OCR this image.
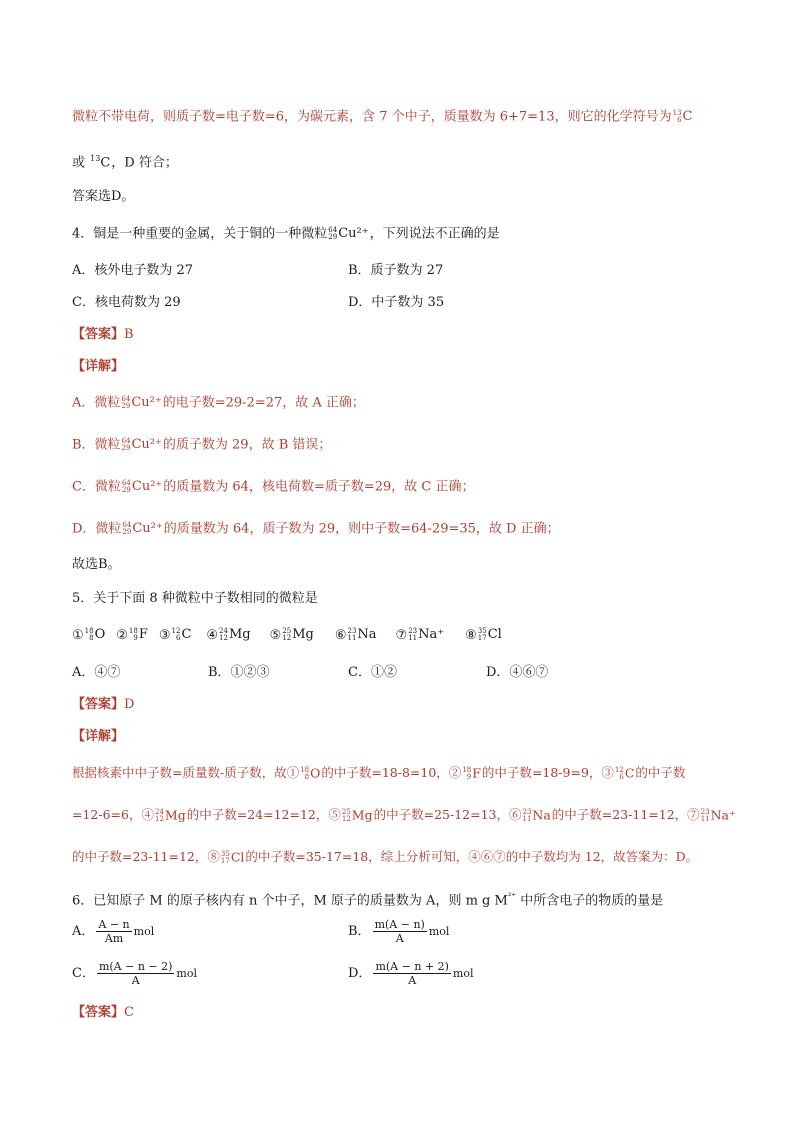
微粒不带电荷，则质子数=电子数=6，为碳元素，含 7 个中子，质量数为 6+7=13，则它的化学符号为 13
6 C
或 $^{13}$C，D 符合；
答案选D。
4．铜是一种重要的金属，关于铜的一种微粒 64
29 Cu²⁺，下列说法不正确的是
A．核外电子数为 27	B．质子数为 27
C．核电荷数为 29	D．中子数为 35
【答案】B
【详解】
A．微粒 64
29 Cu²⁺的电子数=29-2=27，故 A 正确；
B．微粒 64
29 Cu²⁺的质子数为 29，故 B 错误；
C．微粒 64
29 Cu²⁺的质量数为 64，核电荷数=质子数=29，故 C 正确；
D．微粒 64
29 Cu²⁺的质量数为 64，质子数为 29，则中子数=64-29=35，故 D 正确；
故选B。
5．关于下面 8 种微粒中子数相同的微粒是
① 18
8 O ② 18
9 F ③ 12
6 C ④ 24
12 Mg ⑤ 25
12 Mg ⑥ 23
11 Na ⑦ 23
11 Na⁺ ⑧ 35
17 Cl
A．④⑦	B．①②③	C．①②	D．④⑥⑦
【答案】D
【详解】
根据核素中中子数=质量数-质子数，故① 18
8 O的中子数=18-8=10，② 18
9 F的中子数=18-9=9，③ 12
6 C的中子数
=12-6=6，④ 24
12 Mg的中子数=24=12=12，⑤ 25
12 Mg的中子数=25-12=13，⑥ 23
11 Na的中子数=23-11=12，⑦ 23
11 Na⁺
的中子数=23-11=12，⑧ 35
17 Cl的中子数=35-17=18，综上分析可知，④⑥⑦的中子数均为 12，故答案为：D。
6．已知原子 M 的原子核内有 n 个中子，M 原子的质量数为 A，则 m g $M^{^{2+}}$ 中所含电子的物质的量是
A． $\frac{A - n}{Am}$ mol	B． $\frac{m(A - n)}{A}$ mol
C． $\frac{m(A - n - 2)}{A}$ mol	D． $\frac{m(A - n + 2)}{A}$ mol
【答案】C
